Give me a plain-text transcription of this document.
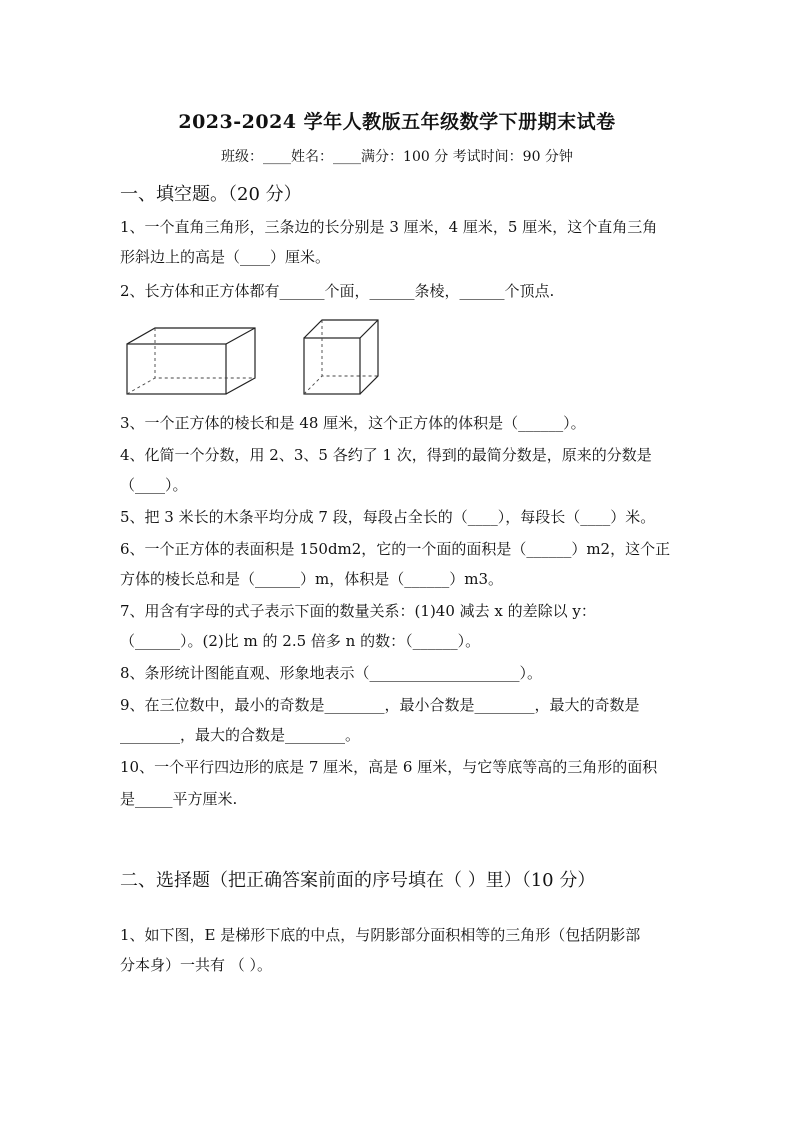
2023-2024 学年人教版五年级数学下册期末试卷
班级：____姓名：____满分：100 分 考试时间：90 分钟
一、填空题。（20 分）
1、一个直角三角形，三条边的长分别是 3 厘米，4 厘米，5 厘米，这个直角三角
形斜边上的高是（____）厘米。
2、长方体和正方体都有______个面，______条棱，______个顶点.
3、一个正方体的棱长和是 48 厘米，这个正方体的体积是（______）。
4、化简一个分数，用 2、3、5 各约了 1 次，得到的最简分数是，原来的分数是
（____）。
5、把 3 米长的木条平均分成 7 段，每段占全长的（____），每段长（____）米。
6、一个正方体的表面积是 150dm2，它的一个面的面积是（______）m2，这个正
方体的棱长总和是（______）m，体积是（______）m3。
7、用含有字母的式子表示下面的数量关系：(1)40 减去 x 的差除以 y：
（______）。(2)比 m 的 2.5 倍多 n 的数：（______）。
8、条形统计图能直观、形象地表示（____________________）。
9、在三位数中，最小的奇数是________，最小合数是________，最大的奇数是
________，最大的合数是________。
10、一个平行四边形的底是 7 厘米，高是 6 厘米，与它等底等高的三角形的面积
是_____平方厘米.
二、选择题（把正确答案前面的序号填在（ ）里）（10 分）
1、如下图，E 是梯形下底的中点，与阴影部分面积相等的三角形（包括阴影部
分本身）一共有 （ ）。
